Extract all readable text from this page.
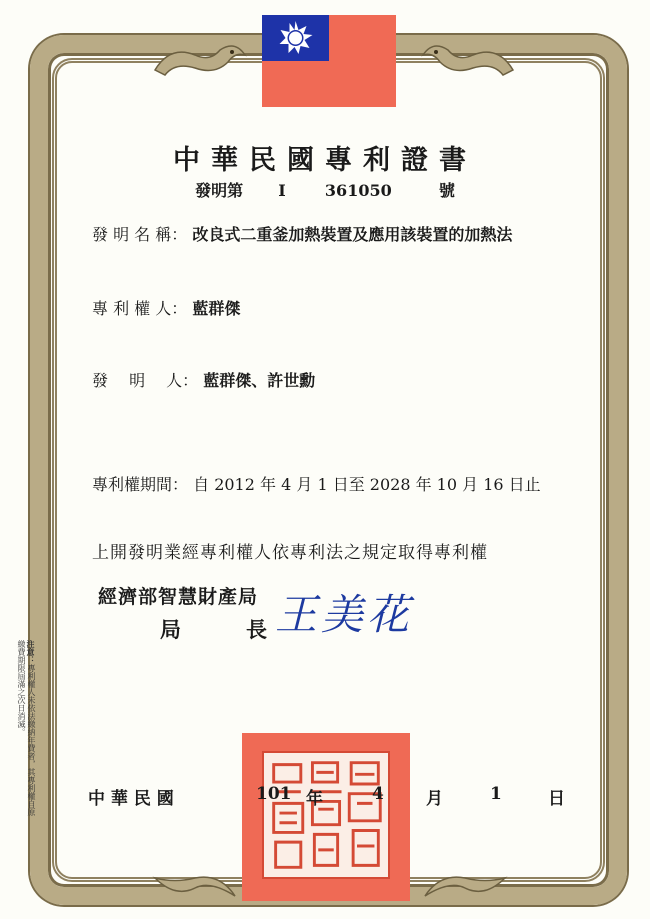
中華民國專利證書
發明第 I 361050	號
發 明 名 稱： 改良式二重釜加熱裝置及應用該裝置的加熱法
專 利 權 人： 藍群傑
發　 明　 人： 藍群傑、許世勳
專利權期間： 自 2012 年 4 月 1 日至 2028 年 10 月 16 日止
上開發明業經專利權人依專利法之規定取得專利權
經濟部智慧財產局
局　長
王美花
注意：專利權人未依法繳納年費者，其專利權自原繳費期限屆滿之次日消滅。
中 華 民 國	101 年	4 月	1	日
